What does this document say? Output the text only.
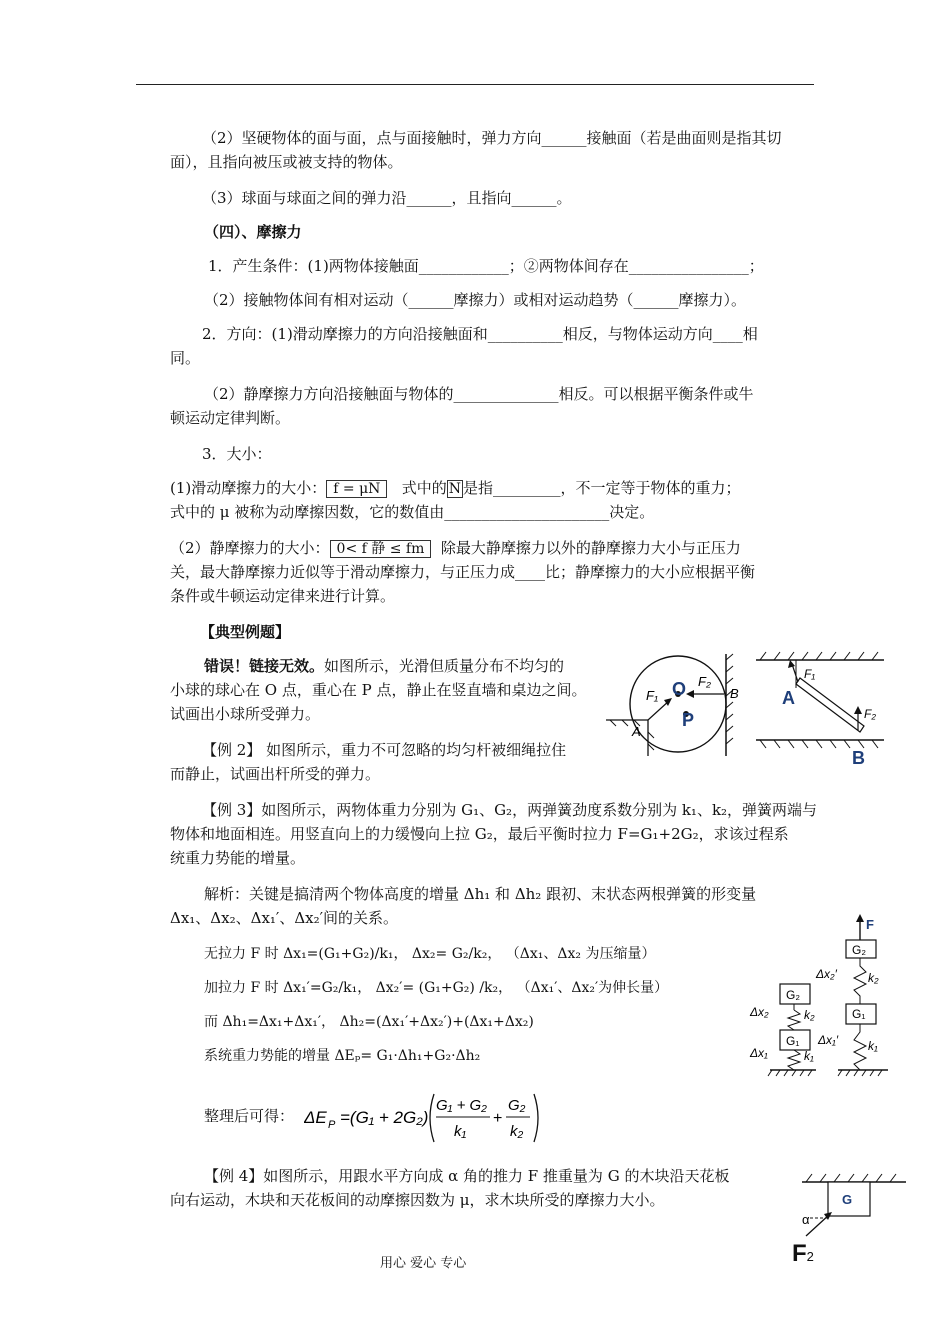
（2）坚硬物体的面与面，点与面接触时，弹力方向______接触面（若是曲面则是指其切
面），且指向被压或被支持的物体。
（3）球面与球面之间的弹力沿______，且指向______。
（四）、摩擦力
1．产生条件：(1)两物体接触面____________；②两物体间存在________________；
（2）接触物体间有相对运动（______摩擦力）或相对运动趋势（______摩擦力）。
2．方向：(1)滑动摩擦力的方向沿接触面和__________相反，与物体运动方向____相
同。
（2）静摩擦力方向沿接触面与物体的______________相反。可以根据平衡条件或牛
顿运动定律判断。
3．大小：
(1)滑动摩擦力的大小： f = μN 式中的 N 是指_________，不一定等于物体的重力；
式中的 μ 被称为动摩擦因数，它的数值由______________________决定。
（2）静摩擦力的大小： 0< f 静 ≤ fm 除最大静摩擦力以外的静摩擦力大小与正压力
关，最大静摩擦力近似等于滑动摩擦力，与正压力成____比；静摩擦力的大小应根据平衡
条件或牛顿运动定律来进行计算。
【典型例题】
错误！链接无效。如图所示，光滑但质量分布不均匀的
小球的球心在 O 点，重心在 P 点，静止在竖直墙和桌边之间。
试画出小球所受弹力。
【例 2】 如图所示，重力不可忽略的均匀杆被细绳拉住
而静止，试画出杆所受的弹力。
【例 3】如图所示，两物体重力分别为 G₁、G₂，两弹簧劲度系数分别为 k₁、k₂，弹簧两端与
物体和地面相连。用竖直向上的力缓慢向上拉 G₂，最后平衡时拉力 F=G₁+2G₂，求该过程系
统重力势能的增量。
解析：关键是搞清两个物体高度的增量 Δh₁ 和 Δh₂ 跟初、末状态两根弹簧的形变量
Δx₁、Δx₂、Δx₁′、Δx₂′间的关系。
无拉力 F 时 Δx₁=(G₁+G₂)/k₁， Δx₂= G₂/k₂， （Δx₁、Δx₂ 为压缩量）
加拉力 F 时 Δx₁′=G₂/k₁， Δx₂′= (G₁+G₂) /k₂， （Δx₁′、Δx₂′为伸长量）
而 Δh₁=Δx₁+Δx₁′， Δh₂=(Δx₁′+Δx₂′)+(Δx₁+Δx₂)
系统重力势能的增量 ΔEₚ= G₁·Δh₁+G₂·Δh₂
整理后可得： ΔE P =(G₁ + 2G₂)
G₁ + G₂
k₁
+
G₂
k₂
【例 4】如图所示，用跟水平方向成 α 角的推力 F 推重量为 G 的木块沿天花板
向右运动，木块和天花板间的动摩擦因数为 μ，求木块所受的摩擦力大小。
O
P
F₁
F₂
B
A
F₁
F₂
A
B
F
G₂
G₁
G₂
G₁
k₂
k₁
k₂
k₁
Δx₂′
Δx₁′
Δx₂
Δx₁
G
α
用心 爱心 专心	F2
